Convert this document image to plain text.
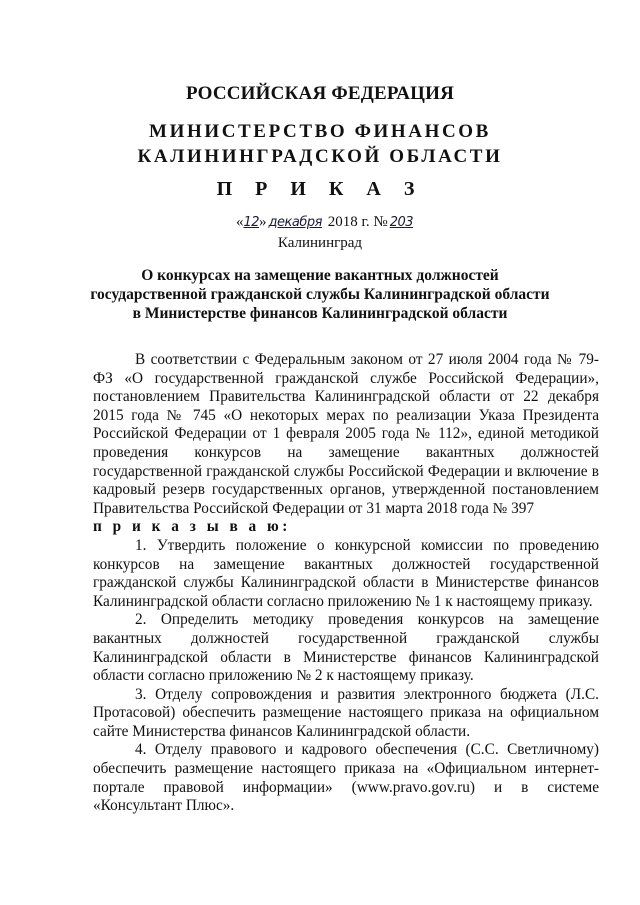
РОССИЙСКАЯ ФЕДЕРАЦИЯ
МИНИСТЕРСТВО ФИНАНСОВ
КАЛИНИНГРАДСКОЙ ОБЛАСТИ
П Р И К А З
«12» декабря 2018 г. № 203
Калининград
О конкурсах на замещение вакантных должностей
государственной гражданской службы Калининградской области
в Министерстве финансов Калининградской области

В соответствии с Федеральным законом от 27 июля 2004 года № 79-ФЗ «О государственной гражданской службе Российской Федерации», постановлением Правительства Калининградской области от 22 декабря 2015 года № 745 «О некоторых мерах по реализации Указа Президента Российской Федерации от 1 февраля 2005 года № 112», единой методикой проведения конкурсов на замещение вакантных должностей государственной гражданской службы Российской Федерации и включение в кадровый резерв государственных органов, утвержденной постановлением Правительства Российской Федерации от 31 марта 2018 года № 397

п р и к а з ы в а ю:

1. Утвердить положение о конкурсной комиссии по проведению конкурсов на замещение вакантных должностей государственной гражданской службы Калининградской области в Министерстве финансов Калининградской области согласно приложению № 1 к настоящему приказу.

2. Определить методику проведения конкурсов на замещение вакантных должностей государственной гражданской службы Калининградской области в Министерстве финансов Калининградской области согласно приложению № 2 к настоящему приказу.

3. Отделу сопровождения и развития электронного бюджета (Л.С. Протасовой) обеспечить размещение настоящего приказа на официальном сайте Министерства финансов Калининградской области.

4. Отделу правового и кадрового обеспечения (С.С. Светличному) обеспечить размещение настоящего приказа на «Официальном интернет-портале правовой информации» (www.pravo.gov.ru) и в системе «Консультант Плюс».
